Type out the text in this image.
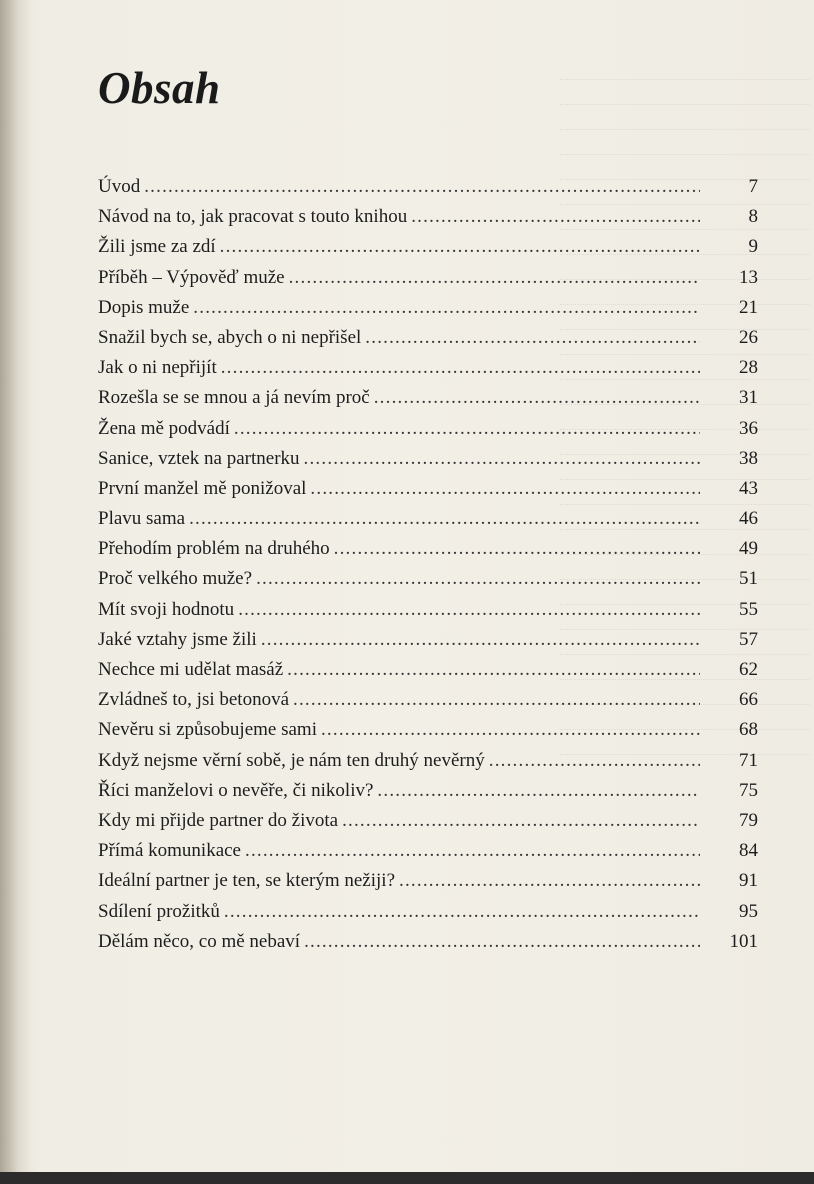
Obsah
Úvod .....	7
Návod na to, jak pracovat s touto knihou .....	8
Žili jsme za zdí .....	9
Příběh – Výpověď muže .....	13
Dopis muže .....	21
Snažil bych se, abych o ni nepřišel .....	26
Jak o ni nepřijít .....	28
Rozešla se se mnou a já nevím proč .....	31
Žena mě podvádí .....	36
Sanice, vztek na partnerku .....	38
První manžel mě ponižoval .....	43
Plavu sama .....	46
Přehodím problém na druhého .....	49
Proč velkého muže? .....	51
Mít svoji hodnotu .....	55
Jaké vztahy jsme žili .....	57
Nechce mi udělat masáž .....	62
Zvládneš to, jsi betonová .....	66
Nevěru si způsobujeme sami .....	68
Když nejsme věrní sobě, je nám ten druhý nevěrný .....	71
Říci manželovi o nevěře, či nikoliv? .....	75
Kdy mi přijde partner do života .....	79
Přímá komunikace .....	84
Ideální partner je ten, se kterým nežiji? .....	91
Sdílení prožitků .....	95
Dělám něco, co mě nebaví .....	101
